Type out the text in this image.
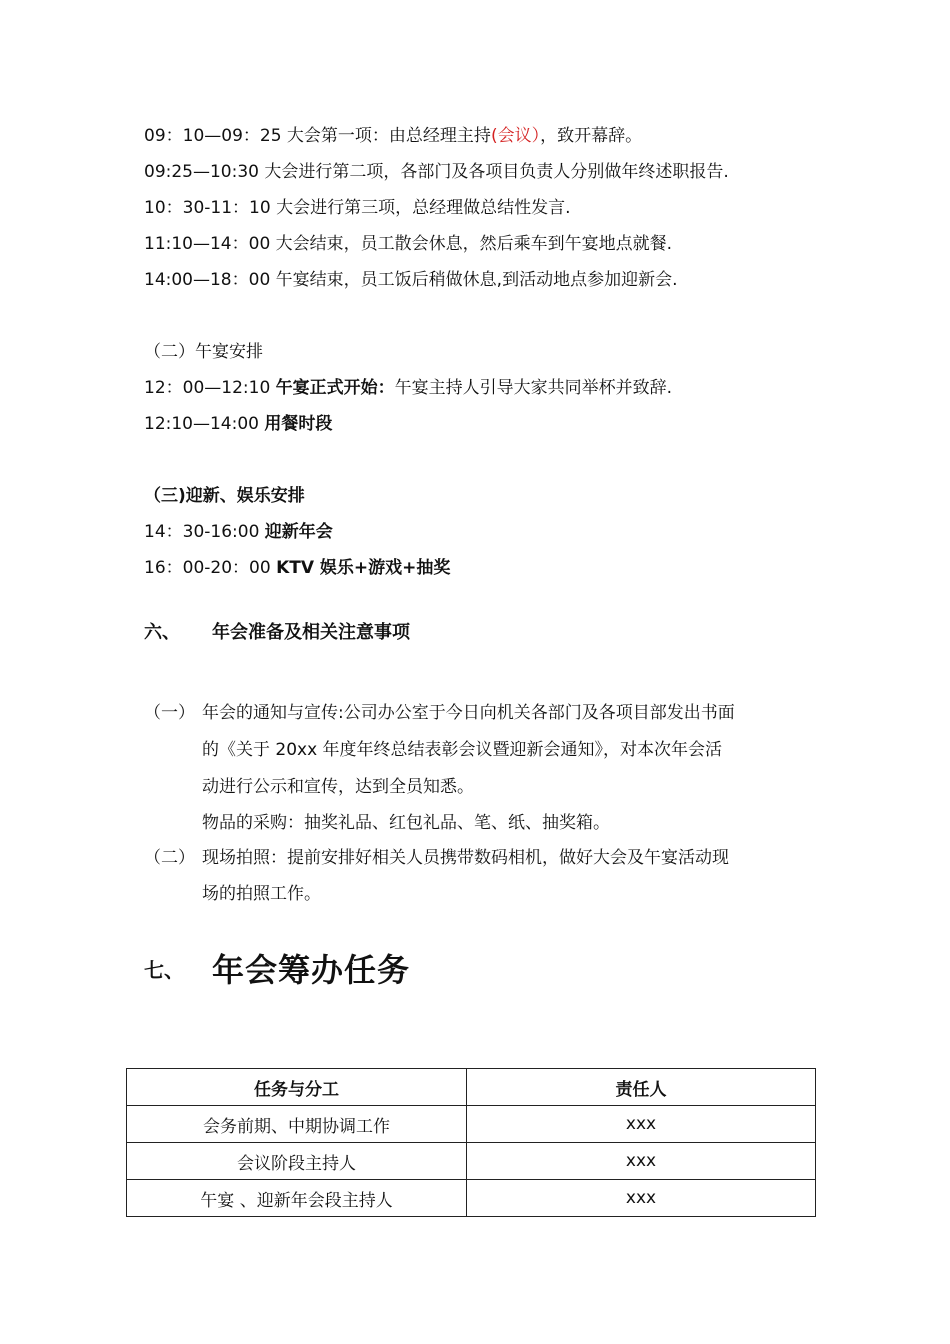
09：10—09：25 大会第一项：由总经理主持(会议），致开幕辞。
09:25—10:30 大会进行第二项，各部门及各项目负责人分别做年终述职报告.
10：30-11：10 大会进行第三项，总经理做总结性发言.
11:10—14：00 大会结束，员工散会休息，然后乘车到午宴地点就餐.
14:00—18：00 午宴结束，员工饭后稍做休息,到活动地点参加迎新会.
（二）午宴安排
12：00—12:10 午宴正式开始：午宴主持人引导大家共同举杯并致辞.
12:10—14:00 用餐时段
（三)迎新、娱乐安排
14：30-16:00 迎新年会
16：00-20：00 KTV 娱乐+游戏+抽奖
六、 年会准备及相关注意事项
（一） 年会的通知与宣传:公司办公室于今日向机关各部门及各项目部发出书面
的《关于 20xx 年度年终总结表彰会议暨迎新会通知》，对本次年会活
动进行公示和宣传，达到全员知悉。
物品的采购：抽奖礼品、红包礼品、笔、纸、抽奖箱。
（二） 现场拍照：提前安排好相关人员携带数码相机，做好大会及午宴活动现
场的拍照工作。
七、 年会筹办任务
任务与分工	责任人
会务前期、中期协调工作	xxx
会议阶段主持人	xxx
午宴 、迎新年会段主持人	xxx
